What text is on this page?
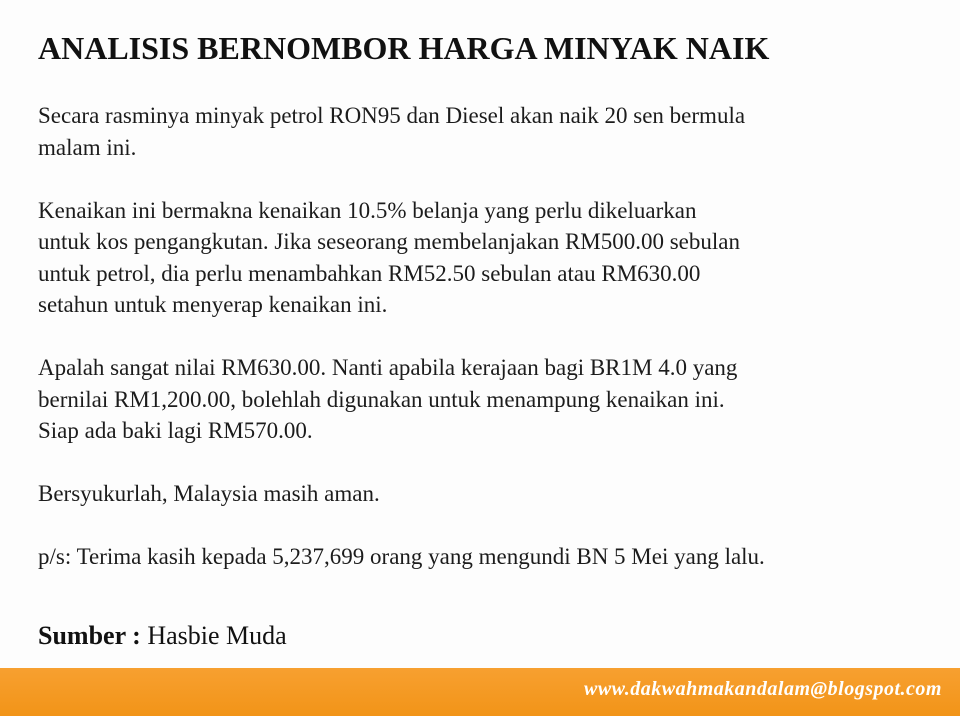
ANALISIS BERNOMBOR HARGA MINYAK NAIK

Secara rasminya minyak petrol RON95 dan Diesel akan naik 20 sen bermula
malam ini.

Kenaikan ini bermakna kenaikan 10.5% belanja yang perlu dikeluarkan
untuk kos pengangkutan. Jika seseorang membelanjakan RM500.00 sebulan
untuk petrol, dia perlu menambahkan RM52.50 sebulan atau RM630.00
setahun untuk menyerap kenaikan ini.

Apalah sangat nilai RM630.00. Nanti apabila kerajaan bagi BR1M 4.0 yang
bernilai RM1,200.00, bolehlah digunakan untuk menampung kenaikan ini.
Siap ada baki lagi RM570.00.

Bersyukurlah, Malaysia masih aman.

p/s: Terima kasih kepada 5,237,699 orang yang mengundi BN 5 Mei yang lalu.

Sumber : Hasbie Muda
www.dakwahmakandalam@blogspot.com
